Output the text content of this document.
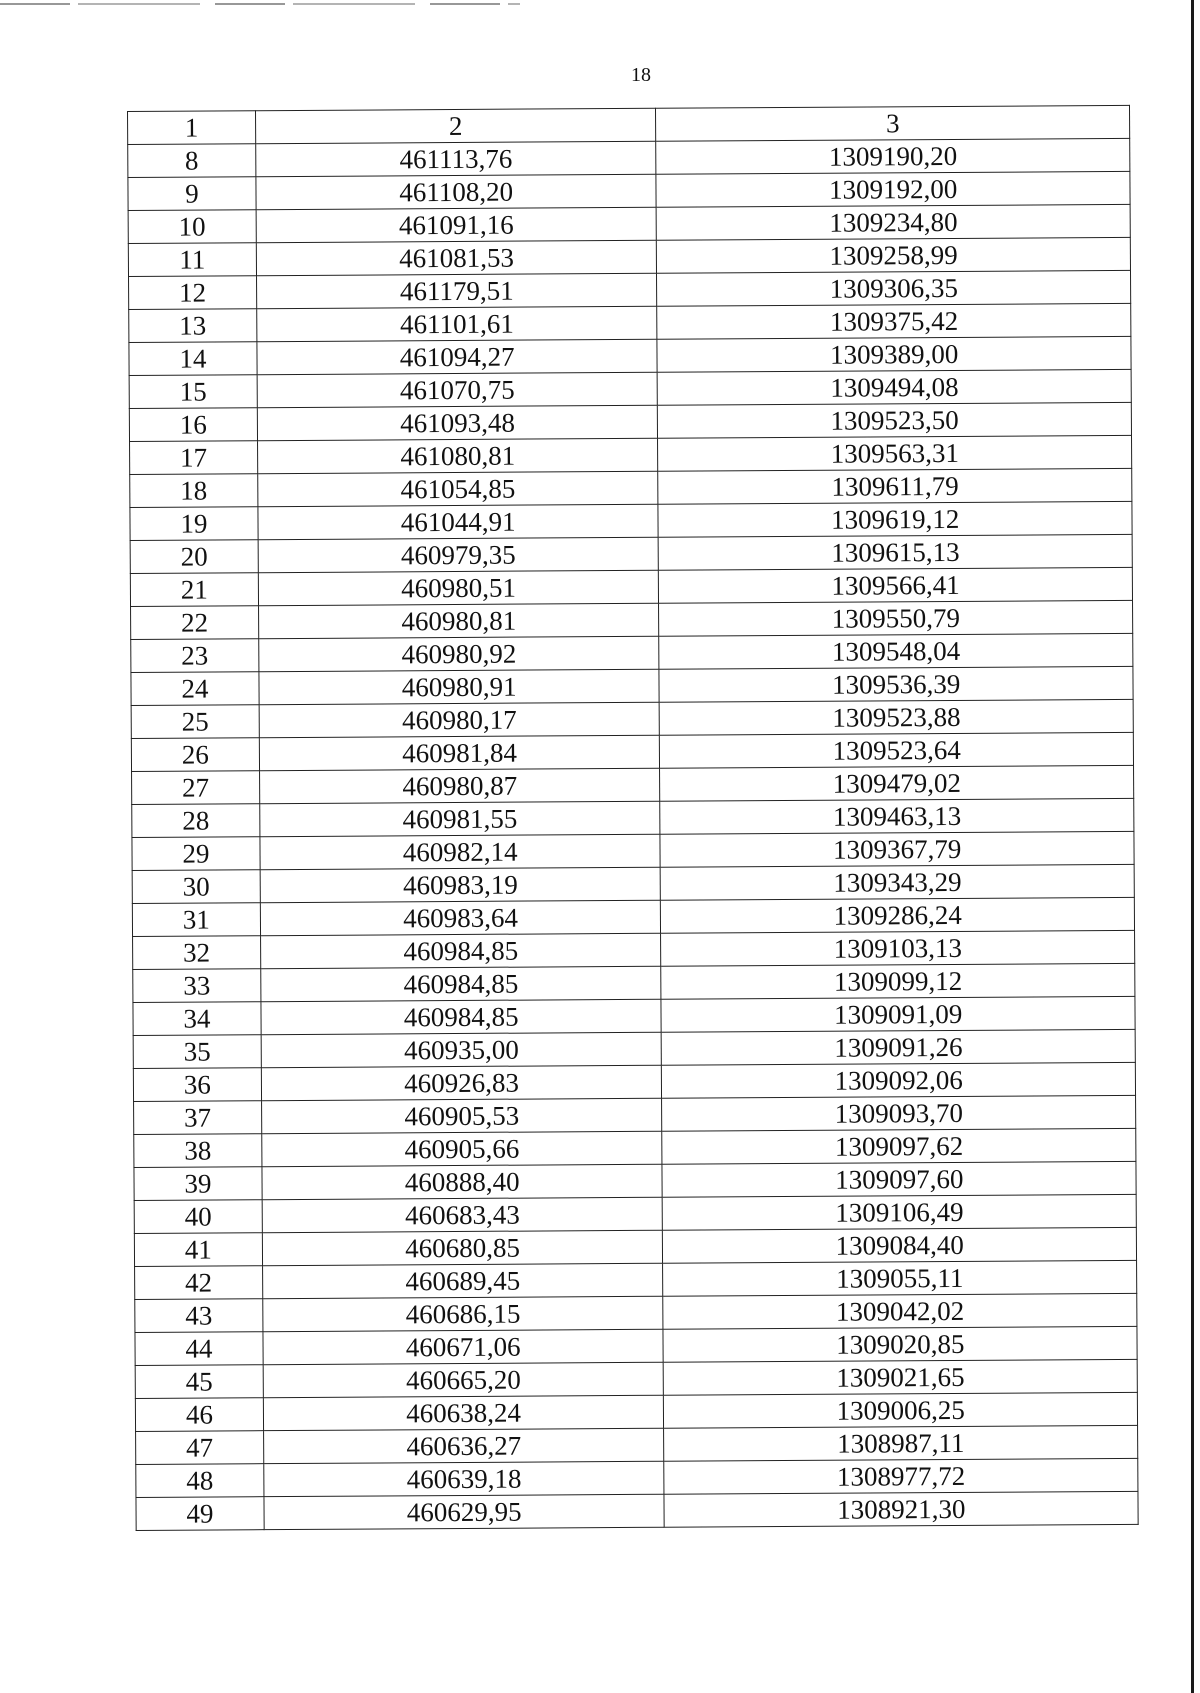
18
1	2	3
8	461113,76	1309190,20
9	461108,20	1309192,00
10	461091,16	1309234,80
11	461081,53	1309258,99
12	461179,51	1309306,35
13	461101,61	1309375,42
14	461094,27	1309389,00
15	461070,75	1309494,08
16	461093,48	1309523,50
17	461080,81	1309563,31
18	461054,85	1309611,79
19	461044,91	1309619,12
20	460979,35	1309615,13
21	460980,51	1309566,41
22	460980,81	1309550,79
23	460980,92	1309548,04
24	460980,91	1309536,39
25	460980,17	1309523,88
26	460981,84	1309523,64
27	460980,87	1309479,02
28	460981,55	1309463,13
29	460982,14	1309367,79
30	460983,19	1309343,29
31	460983,64	1309286,24
32	460984,85	1309103,13
33	460984,85	1309099,12
34	460984,85	1309091,09
35	460935,00	1309091,26
36	460926,83	1309092,06
37	460905,53	1309093,70
38	460905,66	1309097,62
39	460888,40	1309097,60
40	460683,43	1309106,49
41	460680,85	1309084,40
42	460689,45	1309055,11
43	460686,15	1309042,02
44	460671,06	1309020,85
45	460665,20	1309021,65
46	460638,24	1309006,25
47	460636,27	1308987,11
48	460639,18	1308977,72
49	460629,95	1308921,30
